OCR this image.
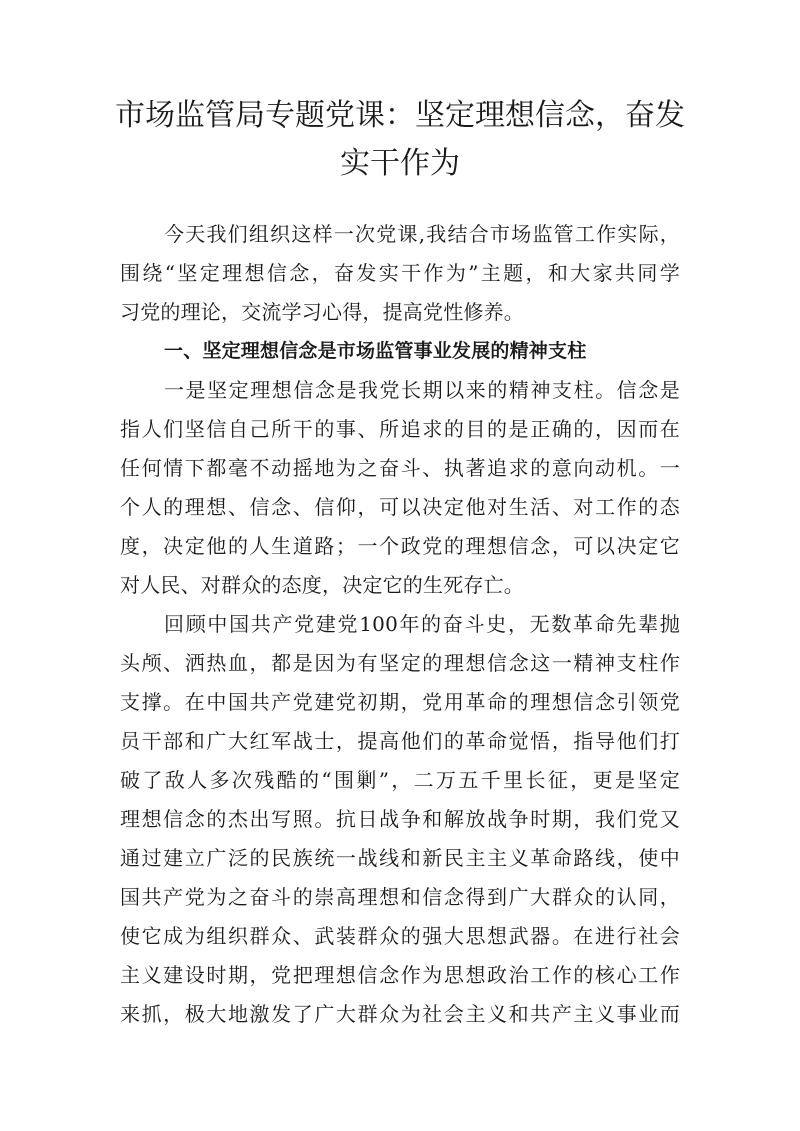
市场监管局专题党课：坚定理想信念，奋发
实干作为
今天我们组织这样一次党课,我结合市场监管工作实际，
围绕“坚定理想信念，奋发实干作为”主题，和大家共同学
习党的理论，交流学习心得，提高党性修养。
一、坚定理想信念是市场监管事业发展的精神支柱
一是坚定理想信念是我党长期以来的精神支柱。信念是
指人们坚信自己所干的事、所追求的目的是正确的，因而在
任何情下都毫不动摇地为之奋斗、执著追求的意向动机。一
个人的理想、信念、信仰，可以决定他对生活、对工作的态
度，决定他的人生道路；一个政党的理想信念，可以决定它
对人民、对群众的态度，决定它的生死存亡。
回顾中国共产党建党100年的奋斗史，无数革命先辈抛
头颅、洒热血，都是因为有坚定的理想信念这一精神支柱作
支撑。在中国共产党建党初期，党用革命的理想信念引领党
员干部和广大红军战士，提高他们的革命觉悟，指导他们打
破了敌人多次残酷的“围剿”，二万五千里长征，更是坚定
理想信念的杰出写照。抗日战争和解放战争时期，我们党又
通过建立广泛的民族统一战线和新民主主义革命路线，使中
国共产党为之奋斗的崇高理想和信念得到广大群众的认同，
使它成为组织群众、武装群众的强大思想武器。在进行社会
主义建设时期，党把理想信念作为思想政治工作的核心工作
来抓，极大地激发了广大群众为社会主义和共产主义事业而
